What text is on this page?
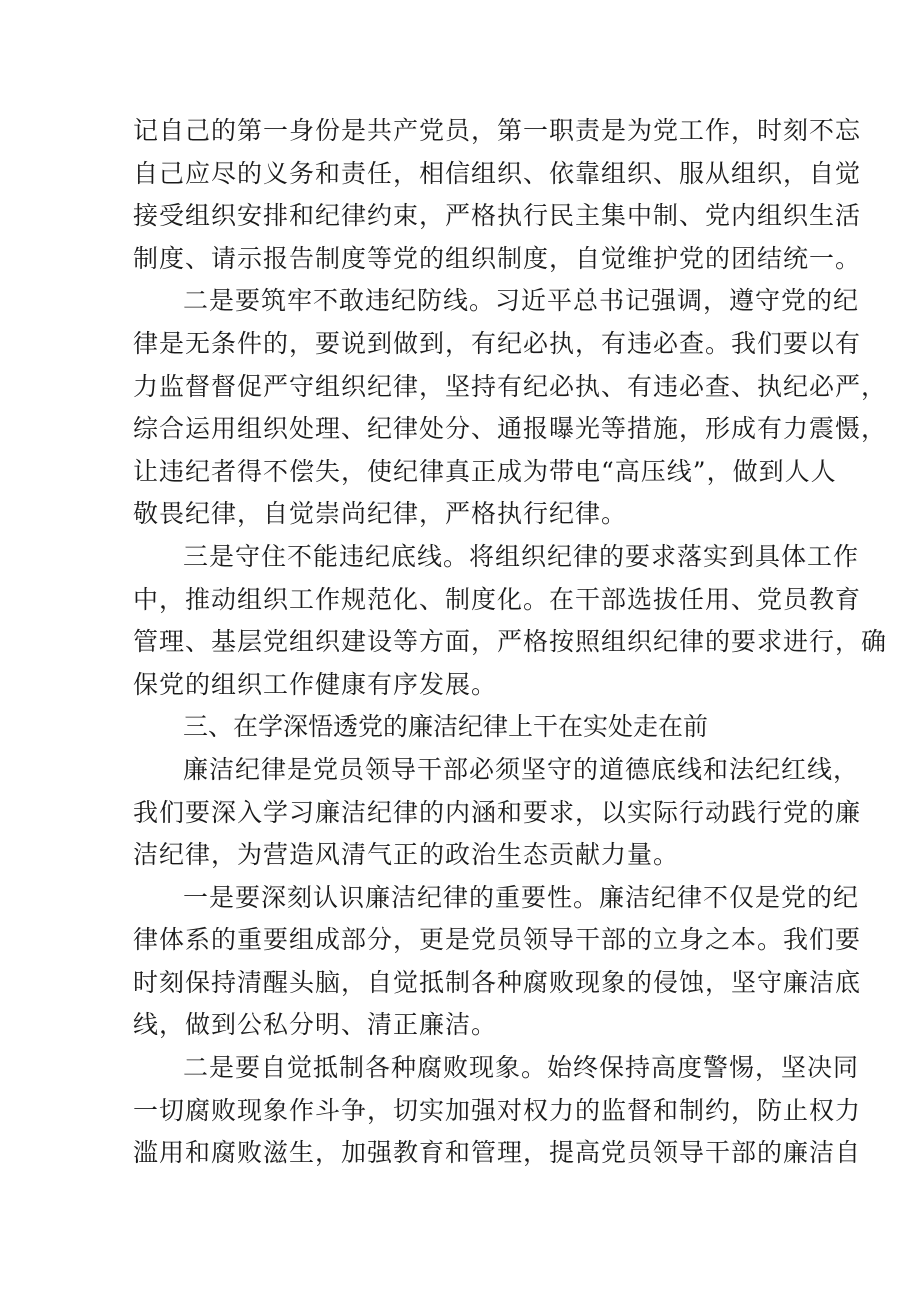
记自己的第一身份是共产党员，第一职责是为党工作，时刻不忘
自己应尽的义务和责任，相信组织、依靠组织、服从组织，自觉
接受组织安排和纪律约束，严格执行民主集中制、党内组织生活
制度、请示报告制度等党的组织制度，自觉维护党的团结统一。
二是要筑牢不敢违纪防线。习近平总书记强调，遵守党的纪
律是无条件的，要说到做到，有纪必执，有违必查。我们要以有
力监督督促严守组织纪律，坚持有纪必执、有违必查、执纪必严，
综合运用组织处理、纪律处分、通报曝光等措施，形成有力震慑，
让违纪者得不偿失，使纪律真正成为带电“高压线”，做到人人
敬畏纪律，自觉崇尚纪律，严格执行纪律。
三是守住不能违纪底线。将组织纪律的要求落实到具体工作
中，推动组织工作规范化、制度化。在干部选拔任用、党员教育
管理、基层党组织建设等方面，严格按照组织纪律的要求进行，确
保党的组织工作健康有序发展。
三、在学深悟透党的廉洁纪律上干在实处走在前
廉洁纪律是党员领导干部必须坚守的道德底线和法纪红线，
我们要深入学习廉洁纪律的内涵和要求，以实际行动践行党的廉
洁纪律，为营造风清气正的政治生态贡献力量。
一是要深刻认识廉洁纪律的重要性。廉洁纪律不仅是党的纪
律体系的重要组成部分，更是党员领导干部的立身之本。我们要
时刻保持清醒头脑，自觉抵制各种腐败现象的侵蚀，坚守廉洁底
线，做到公私分明、清正廉洁。
二是要自觉抵制各种腐败现象。始终保持高度警惕，坚决同
一切腐败现象作斗争，切实加强对权力的监督和制约，防止权力
滥用和腐败滋生，加强教育和管理，提高党员领导干部的廉洁自
